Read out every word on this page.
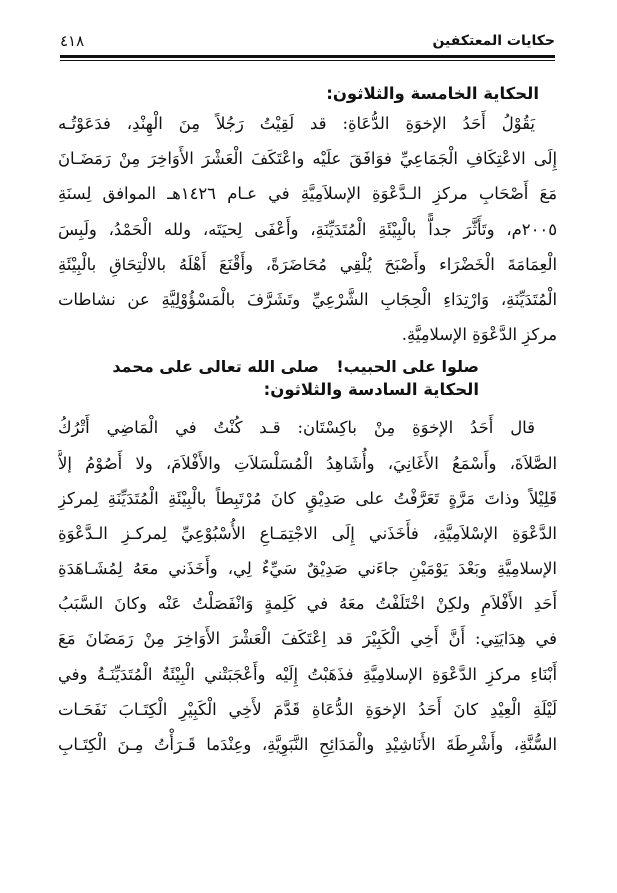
حكايات المعتكفين
٤١٨
الحكاية الخامسة والثلاثون:
يَقُوْلُ أَحَدُ الإخوَةِ الدُّعَاةِ: قد لَقِيْتُ رَجُلاً مِنَ الْهِنْدِ، فدَعَوْتُـه
إِلَى الاعْتِكَافِ الْجَمَاعِيِّ فوَافَقَ علَيْه واعْتَكَفَ الْعَشْرَ الأَوَاخِرَ مِنْ رَمَضَـانَ
مَعَ أَصْحَابِ مركزِ الـدَّعْوَةِ الإسلاَمِيَّةِ في عـام ١٤٢٦هـ الموافق لِسنَةِ
٢٠٠٥م، وتَأَثَّرَ جداًّ بالْبِيْئَةِ الْمُتَدَيِّنَةِ، وأَعْفَى لِحيَتَه، ولله الْحَمْدُ، ولَبِسَ
الْعِمَامَةَ الْخَضْرَاء وأَصْبَحَ يُلْقِي مُحَاضَرَةً، وأَقْنَعَ أَهْلَهُ بالالْتِحَاقِ بالْبِيْئَةِ
الْمُتَدَيِّنَةِ، وَارْتِدَاءِ الْحِجَابِ الشَّرْعِيِّ وتَشَرَّفَ بالْمَسْؤُوْلِيَّةِ عن نشاطات
مركزِ الدَّعْوَةِ الإسلامِيَّةِ.
صلوا على الحبيب! صلى الله تعالى على محمد
الحكاية السادسة والثلاثون:
قال أَحَدُ الإخوَةِ مِنْ باكِسْتَان: قـد كُنْتُ في الْمَاضِي أَتْرُكُ
الصَّلاَةَ، وأَسْمَعُ الأَغَانِيَ، وأُشَاهِدُ الْمُسَلْسَلاَتِ والأَفْلاَمَ، ولا أَصُوْمُ إلاَّ
قَلِيْلاً وذاتَ مَرَّةٍ تَعَرَّفْتُ على صَدِيْقٍ كانَ مُرْتَبِطاً بالْبِيْئَةِ الْمُتَدَيِّنَةِ لِمركزِ
الدَّعْوَةِ الإسْلاَمِيَّةِ، فأَخَذَني إِلَى الاجْتِمَـاعِ الأُسْبُوْعِيِّ لِمركـزِ الـدَّعْوَةِ
الإسلامِيَّةِ وبَعْدَ يَوْمَيْنِ جاءَني صَدِيْقٌ سَيِّءٌ لِي، وأَخَذَني معَهُ لِمُشَـاهَدَةِ
أَحَدِ الأَفْلاَمِ ولكِنْ اخْتَلَفْتُ معَهُ في كَلِمةٍ وَانْفَصَلْتُ عَنْه وكانَ السَّبَبُ
في هِدَايَتِي: أَنَّ أَخِي الْكَبِيْرَ قد اِعْتَكَفَ الْعَشْرَ الأَوَاخِرَ مِنْ رَمَضَانَ مَعَ
أَبْنَاءِ مركزِ الدَّعْوَةِ الإسلامِيَّةِ فذَهَبْتُ إِلَيْه وأَعْجَبَتْني الْبِيْئَةُ الْمُتَدَيِّنَـةُ وفي
لَيْلَةِ الْعِيْدِ كانَ أَحَدُ الإخوَةِ الدُّعَاةِ قَدَّمَ لأَخِي الْكَبِيْرِ الْكِتَـابَ نَفَحَـات
السُّنَّةِ، وأَشْرِطَةَ الأَنَاشِيْدِ والْمَدَائِحِ النَّبَوِيَّةِ، وعِنْدَما قَـرَأْتُ مِـنَ الْكِتَـابِ
